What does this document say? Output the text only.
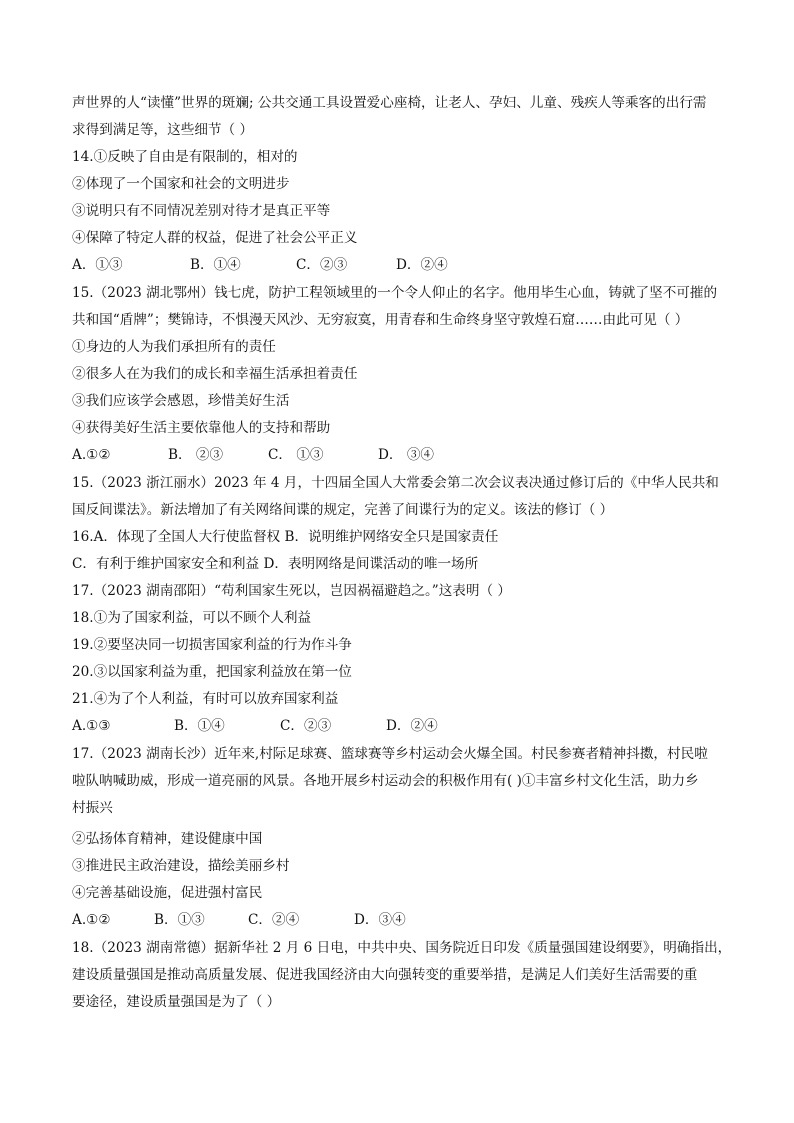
声世界的人“读懂”世界的斑斓; 公共交通工具设置爱心座椅，让老人、孕妇、儿童、残疾人等乘客的出行需
求得到满足等，这些细节（ ）
14.①反映了自由是有限制的，相对的
②体现了一个国家和社会的文明进步
③说明只有不同情况差别对待才是真正平等
④保障了特定人群的权益，促进了社会公平正义
A．①③	B．①④	C．②③	D．②④
15.（2023 湖北鄂州）钱七虎，防护工程领域里的一个令人仰止的名字。他用毕生心血，铸就了坚不可摧的
共和国“盾牌”；樊锦诗，不惧漫天风沙、无穷寂寞，用青春和生命终身坚守敦煌石窟……由此可见（ ）
①身边的人为我们承担所有的责任
②很多人在为我们的成长和幸福生活承担着责任
③我们应该学会感恩，珍惜美好生活
④获得美好生活主要依靠他人的支持和帮助
A.①②	B． ②③	C． ①③	D． ③④
15.（2023 浙江丽水）2023 年 4 月，十四届全国人大常委会第二次会议表决通过修订后的《中华人民共和
国反间谍法》。新法增加了有关网络间谍的规定，完善了间谍行为的定义。该法的修订（ ）
16.A．体现了全国人大行使监督权 B．说明维护网络安全只是国家责任
C．有利于维护国家安全和利益 D．表明网络是间谍活动的唯一场所
17.（2023 湖南邵阳）“苟利国家生死以，岂因祸福避趋之。”这表明（ ）
18.①为了国家利益，可以不顾个人利益
19.②要坚决同一切损害国家利益的行为作斗争
20.③以国家利益为重，把国家利益放在第一位
21.④为了个人利益，有时可以放弃国家利益
A.①③	B．①④	C．②③	D．②④
17.（2023 湖南长沙）近年来,村际足球赛、篮球赛等乡村运动会火爆全国。村民参赛者精神抖擞，村民啦
啦队呐喊助威，形成一道亮丽的风景。各地开展乡村运动会的积极作用有( )①丰富乡村文化生活，助力乡
村振兴
②弘扬体育精神，建设健康中国
③推进民主政治建设，描绘美丽乡村
④完善基础设施，促进强村富民
A.①②	B．①③	C．②④	D．③④
18.（2023 湖南常德）据新华社 2 月 6 日电，中共中央、国务院近日印发《质量强国建设纲要》，明确指出，
建设质量强国是推动高质量发展、促进我国经济由大向强转变的重要举措，是满足人们美好生活需要的重
要途径，建设质量强国是为了（ ）
